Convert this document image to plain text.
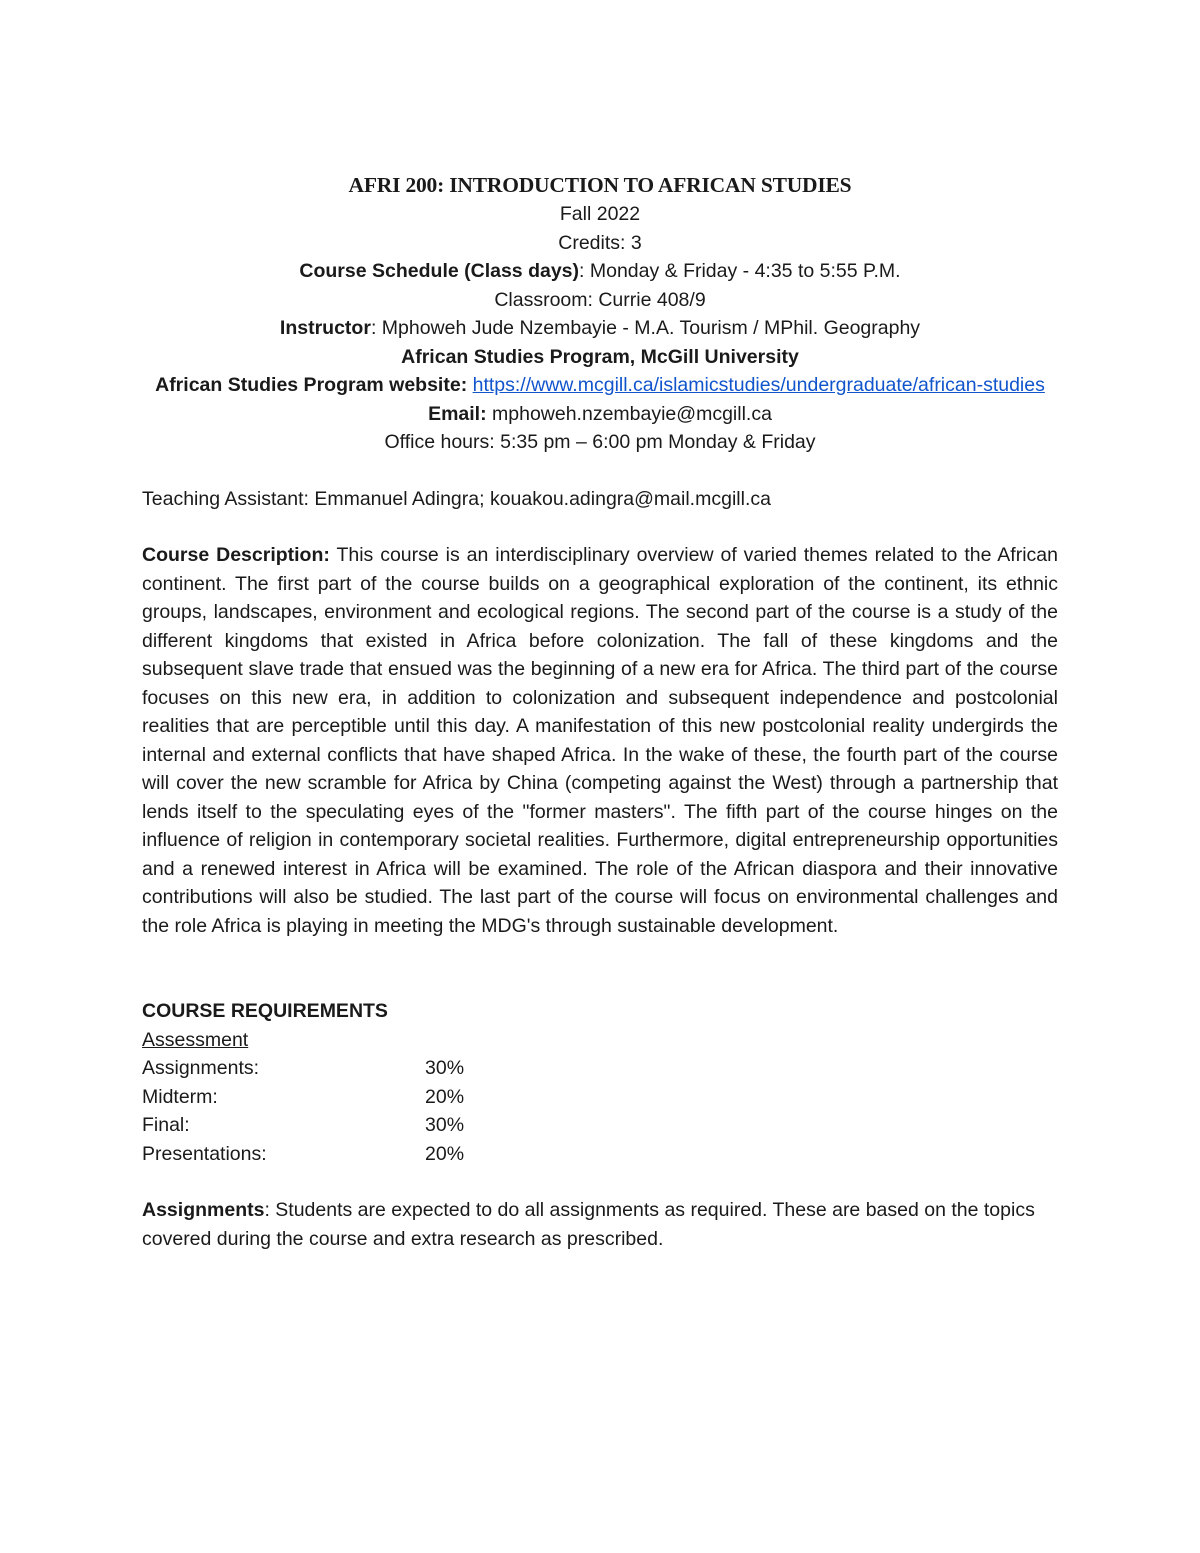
AFRI 200: INTRODUCTION TO AFRICAN STUDIES

Fall 2022

Credits: 3

Course Schedule (Class days): Monday & Friday - 4:35 to 5:55 P.M.

Classroom: Currie 408/9

Instructor: Mphoweh Jude Nzembayie - M.A. Tourism / MPhil. Geography

African Studies Program, McGill University

African Studies Program website: https://www.mcgill.ca/islamicstudies/undergraduate/african-studies

Email: mphoweh.nzembayie@mcgill.ca

Office hours: 5:35 pm – 6:00 pm Monday & Friday

Teaching Assistant: Emmanuel Adingra; kouakou.adingra@mail.mcgill.ca
Course Description: This course is an interdisciplinary overview of varied themes related to the African continent. The first part of the course builds on a geographical exploration of the continent, its ethnic groups, landscapes, environment and ecological regions. The second part of the course is a study of the different kingdoms that existed in Africa before colonization. The fall of these kingdoms and the subsequent slave trade that ensued was the beginning of a new era for Africa. The third part of the course focuses on this new era, in addition to colonization and subsequent independence and postcolonial realities that are perceptible until this day. A manifestation of this new postcolonial reality undergirds the internal and external conflicts that have shaped Africa. In the wake of these, the fourth part of the course will cover the new scramble for Africa by China (competing against the West) through a partnership that lends itself to the speculating eyes of the "former masters". The fifth part of the course hinges on the influence of religion in contemporary societal realities. Furthermore, digital entrepreneurship opportunities and a renewed interest in Africa will be examined. The role of the African diaspora and their innovative contributions will also be studied. The last part of the course will focus on environmental challenges and the role Africa is playing in meeting the MDG's through sustainable development.
COURSE REQUIREMENTS
Assessment
Assignments:	30%
Midterm:	20%
Final:	30%
Presentations:	20%
Assignments: Students are expected to do all assignments as required. These are based on the topics covered during the course and extra research as prescribed.
